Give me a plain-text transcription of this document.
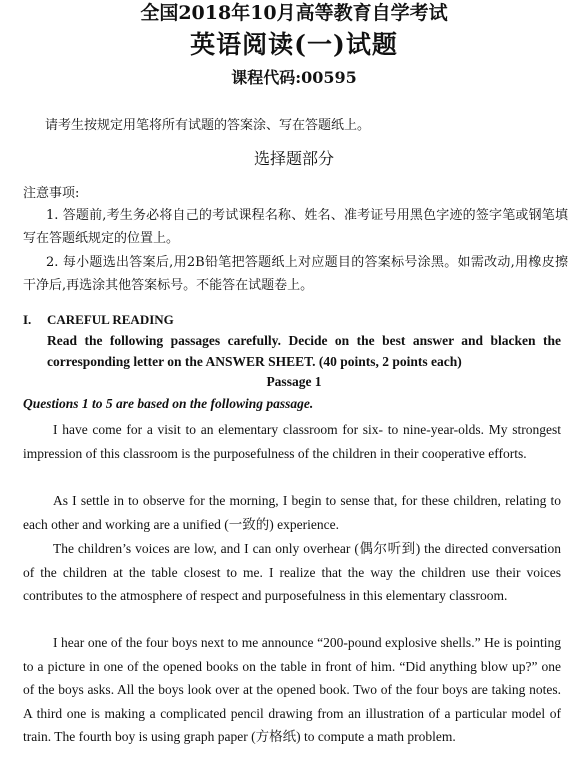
全国2018年10月高等教育自学考试
英语阅读(一)试题
课程代码:00595
请考生按规定用笔将所有试题的答案涂、写在答题纸上。
选择题部分
注意事项:
1. 答题前,考生务必将自己的考试课程名称、姓名、准考证号用黑色字迹的签字笔或钢笔填写在答题纸规定的位置上。
2. 每小题选出答案后,用2B铅笔把答题纸上对应题目的答案标号涂黑。如需改动,用橡皮擦干净后,再选涂其他答案标号。不能答在试题卷上。
I. CAREFUL READING
Read the following passages carefully. Decide on the best answer and blacken the corresponding letter on the ANSWER SHEET. (40 points, 2 points each)
Passage 1
Questions 1 to 5 are based on the following passage.
I have come for a visit to an elementary classroom for six- to nine-year-olds. My strongest impression of this classroom is the purposefulness of the children in their cooperative efforts.
As I settle in to observe for the morning, I begin to sense that, for these children, relating to each other and working are a unified (一致的) experience.
The children’s voices are low, and I can only overhear (偶尔听到) the directed conversation of the children at the table closest to me. I realize that the way the children use their voices contributes to the atmosphere of respect and purposefulness in this elementary classroom.
I hear one of the four boys next to me announce “200-pound explosive shells.” He is pointing to a picture in one of the opened books on the table in front of him. “Did anything blow up?” one of the boys asks. All the boys look over at the opened book. Two of the four boys are taking notes. A third one is making a complicated pencil drawing from an illustration of a particular model of train. The fourth boy is using graph paper (方格纸) to compute a math problem.
